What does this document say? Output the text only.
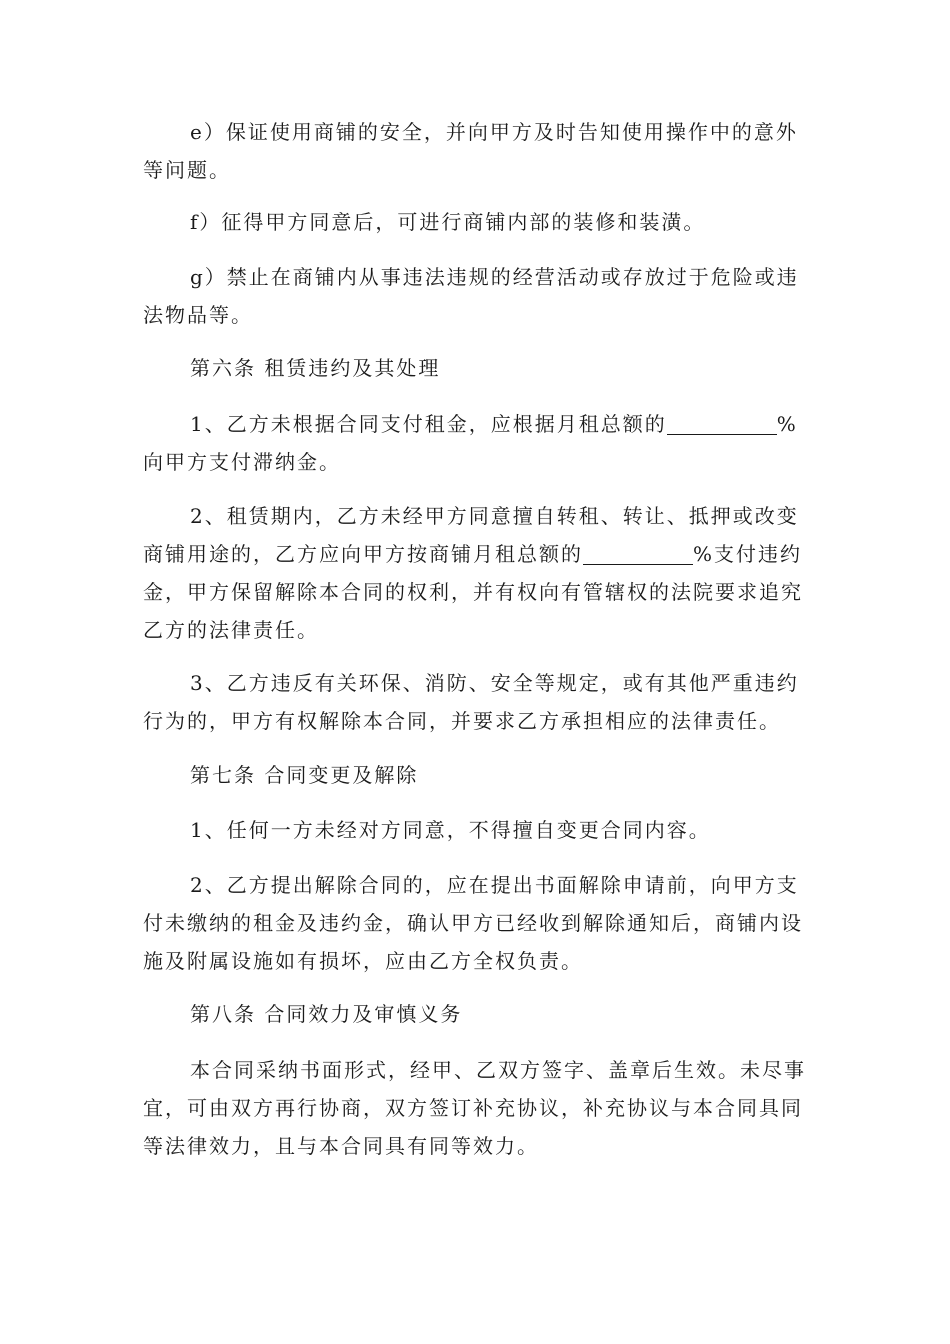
e）保证使用商铺的安全，并向甲方及时告知使用操作中的意外等问题。

f）征得甲方同意后，可进行商铺内部的装修和装潢。

g）禁止在商铺内从事违法违规的经营活动或存放过于危险或违法物品等。

第六条 租赁违约及其处理

1、乙方未根据合同支付租金，应根据月租总额的	%向甲方支付滞纳金。

2、租赁期内，乙方未经甲方同意擅自转租、转让、抵押或改变商铺用途的，乙方应向甲方按商铺月租总额的	%支付违约金，甲方保留解除本合同的权利，并有权向有管辖权的法院要求追究乙方的法律责任。

3、乙方违反有关环保、消防、安全等规定，或有其他严重违约行为的，甲方有权解除本合同，并要求乙方承担相应的法律责任。

第七条 合同变更及解除

1、任何一方未经对方同意，不得擅自变更合同内容。

2、乙方提出解除合同的，应在提出书面解除申请前，向甲方支付未缴纳的租金及违约金，确认甲方已经收到解除通知后，商铺内设施及附属设施如有损坏，应由乙方全权负责。

第八条 合同效力及审慎义务

本合同采纳书面形式，经甲、乙双方签字、盖章后生效。未尽事宜，可由双方再行协商，双方签订补充协议，补充协议与本合同具同等法律效力，且与本合同具有同等效力。
